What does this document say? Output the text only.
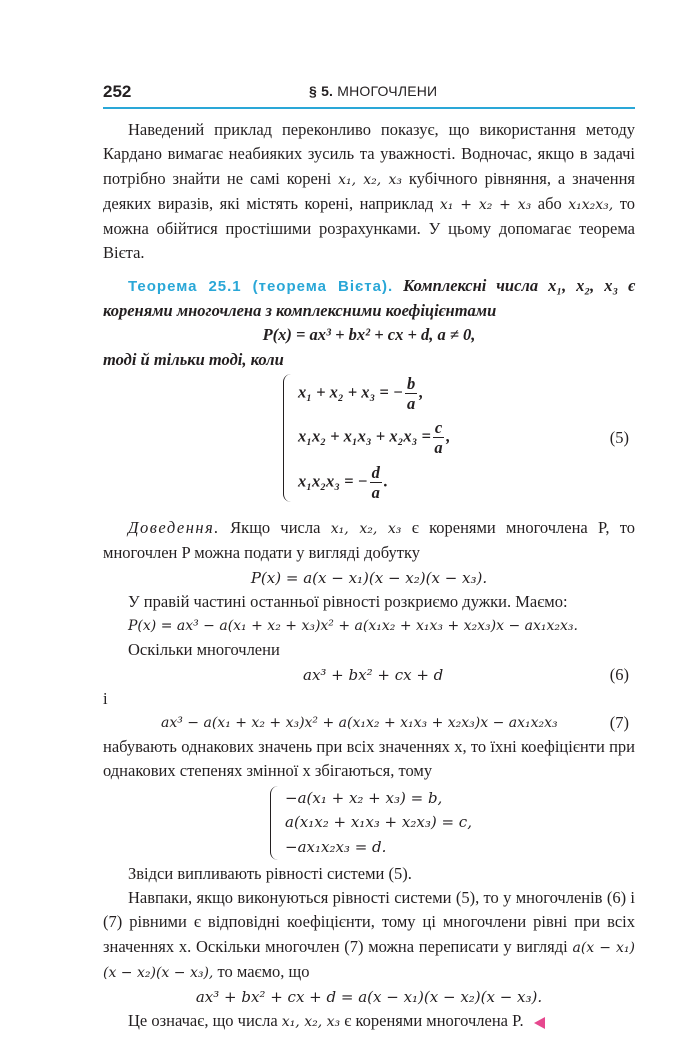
252	§ 5. МНОГОЧЛЕНИ

Наведений приклад переконливо показує, що використання методу Кардано вимагає неабияких зусиль та уважності. Водночас, якщо в задачі потрібно знайти не самі корені x₁, x₂, x₃ кубічного рівняння, а значення деяких виразів, які містять корені, наприклад x₁ + x₂ + x₃ або x₁x₂x₃, то можна обійтися простішими розрахунками. У цьому допомагає теорема Вієта.

Теорема 25.1 (теорема Вієта). Комплексні числа x₁, x₂, x₃ є коренями многочлена з комплексними коефіцієнтами

P(x) = ax³ + bx² + cx + d, a ≠ 0,
тоді й тільки тоді, коли
x₁ + x₂ + x₃ = − $\frac{b}{a}$ ,
$x_1x_2 + x_1x_3 + x_2x_3 = \frac{c}{a}$ ,
x₁x₂x₃ = − $\frac{d}{a}$ .
(5)

Доведення. Якщо числа x₁, x₂, x₃ є коренями многочлена P, то многочлен P можна подати у вигляді добутку

P(x) = a(x − x₁)(x − x₂)(x − x₃).

У правій частині останньої рівності розкриємо дужки. Маємо:

P(x) = ax³ − a(x₁ + x₂ + x₃)x² + a(x₁x₂ + x₁x₃ + x₂x₃)x − ax₁x₂x₃.

Оскільки многочлени

ax³ + bx² + cx + d	(6)
і
ax³ − a(x₁ + x₂ + x₃)x² + a(x₁x₂ + x₁x₃ + x₂x₃)x − ax₁x₂x₃	(7)

набувають однакових значень при всіх значеннях x, то їхні коефіцієнти при однакових степенях змінної x збігаються, тому

−a(x₁ + x₂ + x₃) = b,
a(x₁x₂ + x₁x₃ + x₂x₃) = c,
−ax₁x₂x₃ = d.

Звідси випливають рівності системи (5).

Навпаки, якщо виконуються рівності системи (5), то у многочленів (6) і (7) рівними є відповідні коефіцієнти, тому ці многочлени рівні при всіх значеннях x. Оскільки многочлен (7) можна переписати у вигляді a(x − x₁)(x − x₂)(x − x₃), то маємо, що

ax³ + bx² + cx + d = a(x − x₁)(x − x₂)(x − x₃).

Це означає, що числа x₁, x₂, x₃ є коренями многочлена P.
